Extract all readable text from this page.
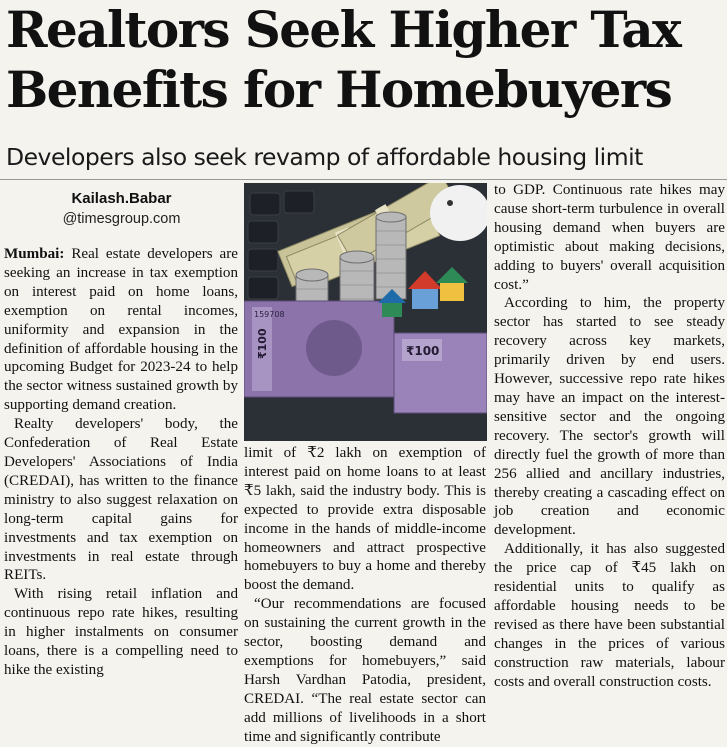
Realtors Seek Higher Tax
Benefits for Homebuyers
Developers also seek revamp of affordable housing limit
Kailash.Babar
@timesgroup.com
159708
₹100
₹100

Mumbai: Real estate developers are seeking an increase in tax exemption on interest paid on home loans, exemption on rental incomes, uniformity and expansion in the definition of affordable housing in the upcoming Budget for 2023-24 to help the sector witness sustained growth by supporting demand creation.

Realty developers' body, the Confederation of Real Estate Developers' Associations of India (CREDAI), has written to the finance ministry to also suggest relaxation on long-term capital gains for investments and tax exemption on investments in real estate through REITs.

With rising retail inflation and continuous repo rate hikes, resulting in higher instalments on consumer loans, there is a compelling need to hike the existing

limit of ₹2 lakh on exemption of interest paid on home loans to at least ₹5 lakh, said the industry body. This is expected to provide extra disposable income in the hands of middle-income homeowners and attract prospective homebuyers to buy a home and thereby boost the demand.

“Our recommendations are focused on sustaining the current growth in the sector, boosting demand and exemptions for homebuyers,” said Harsh Vardhan Patodia, president, CREDAI. “The real estate sector can add millions of livelihoods in a short time and significantly contribute

to GDP. Continuous rate hikes may cause short-term turbulence in overall housing demand when buyers are optimistic about making decisions, adding to buyers' overall acquisition cost.”

According to him, the property sector has started to see steady recovery across key markets, primarily driven by end users. However, successive repo rate hikes may have an impact on the interest-sensitive sector and the ongoing recovery. The sector's growth will directly fuel the growth of more than 256 allied and ancillary industries, thereby creating a cascading effect on job creation and economic development.

Additionally, it has also suggested the price cap of ₹45 lakh on residential units to qualify as affordable housing needs to be revised as there have been substantial changes in the prices of various construction raw materials, labour costs and overall construction costs.
